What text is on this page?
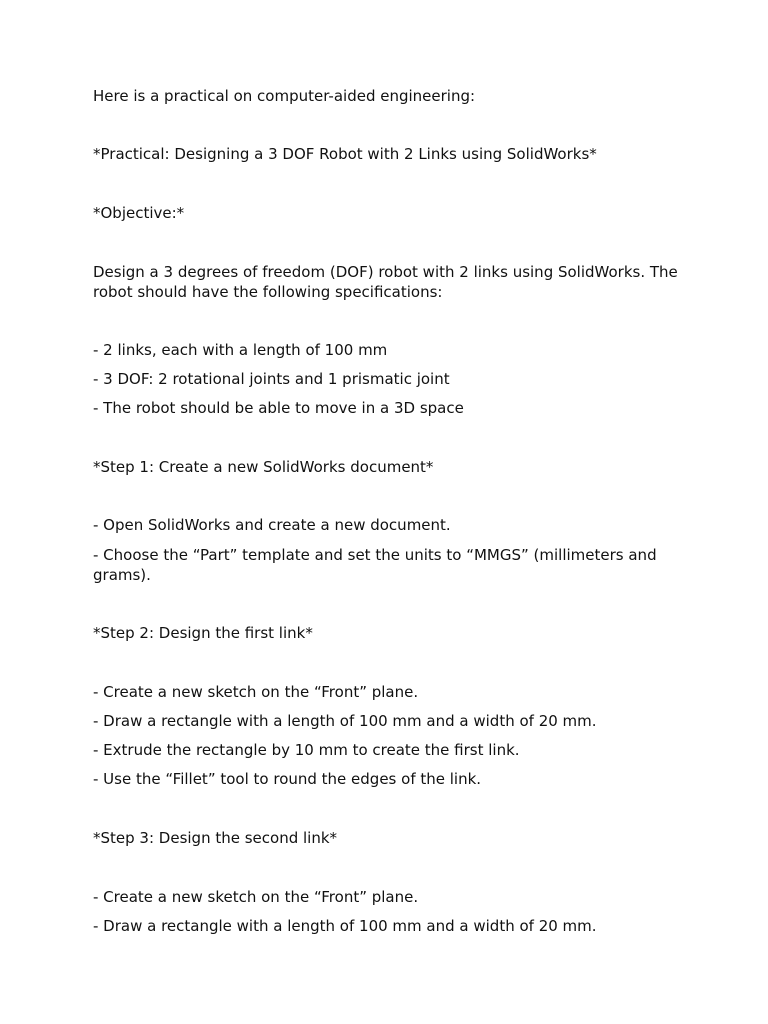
Here is a practical on computer-aided engineering:

*Practical: Designing a 3 DOF Robot with 2 Links using SolidWorks*

*Objective:*

Design a 3 degrees of freedom (DOF) robot with 2 links using SolidWorks. The robot should have the following specifications:

- 2 links, each with a length of 100 mm

- 3 DOF: 2 rotational joints and 1 prismatic joint

- The robot should be able to move in a 3D space

*Step 1: Create a new SolidWorks document*

- Open SolidWorks and create a new document.

- Choose the “Part” template and set the units to “MMGS” (millimeters and grams).

*Step 2: Design the first link*

- Create a new sketch on the “Front” plane.

- Draw a rectangle with a length of 100 mm and a width of 20 mm.

- Extrude the rectangle by 10 mm to create the first link.

- Use the “Fillet” tool to round the edges of the link.

*Step 3: Design the second link*

- Create a new sketch on the “Front” plane.

- Draw a rectangle with a length of 100 mm and a width of 20 mm.
